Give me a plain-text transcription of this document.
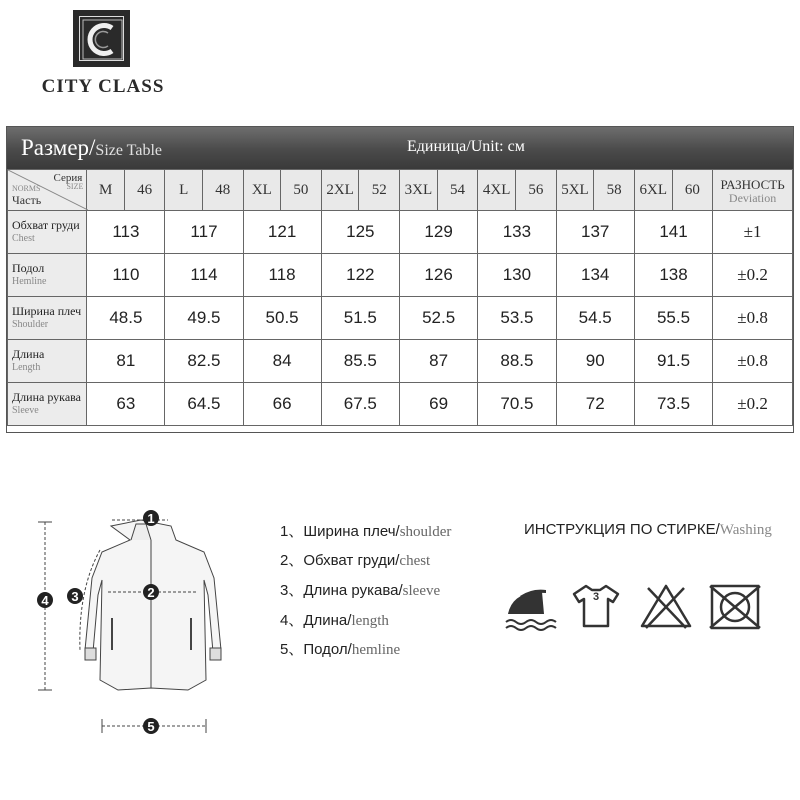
CITY CLASS
Размер/Size Table	Единица/Unit: см
Серия
SIZE
NORMS
Часть	M	46	L	48	XL	50	2XL	52	3XL	54	4XL	56	5XL	58	6XL	60	РАЗНОСТЬ
Deviation

Обхват груди
Chest	113		117		121		125		129		133		137		141		±1

Подол
Hemline	110		114		118		122		126		130		134		138		±0.2

Ширина плеч
Shoulder	48.5		49.5		50.5		51.5		52.5		53.5		54.5		55.5		±0.8

Длина
Length	81		82.5		84		85.5		87		88.5		90		91.5		±0.8

Длина рукава
Sleeve	63		64.5		66		67.5		69		70.5		72		73.5		±0.2
1
2
3
4
5
1、Ширина плеч/shoulder
2、Обхват груди/chest
3、Длина рукава/sleeve
4、Длина/length
5、Подол/hemline
ИНСТРУКЦИЯ ПО СТИРКЕ/Washing
3
